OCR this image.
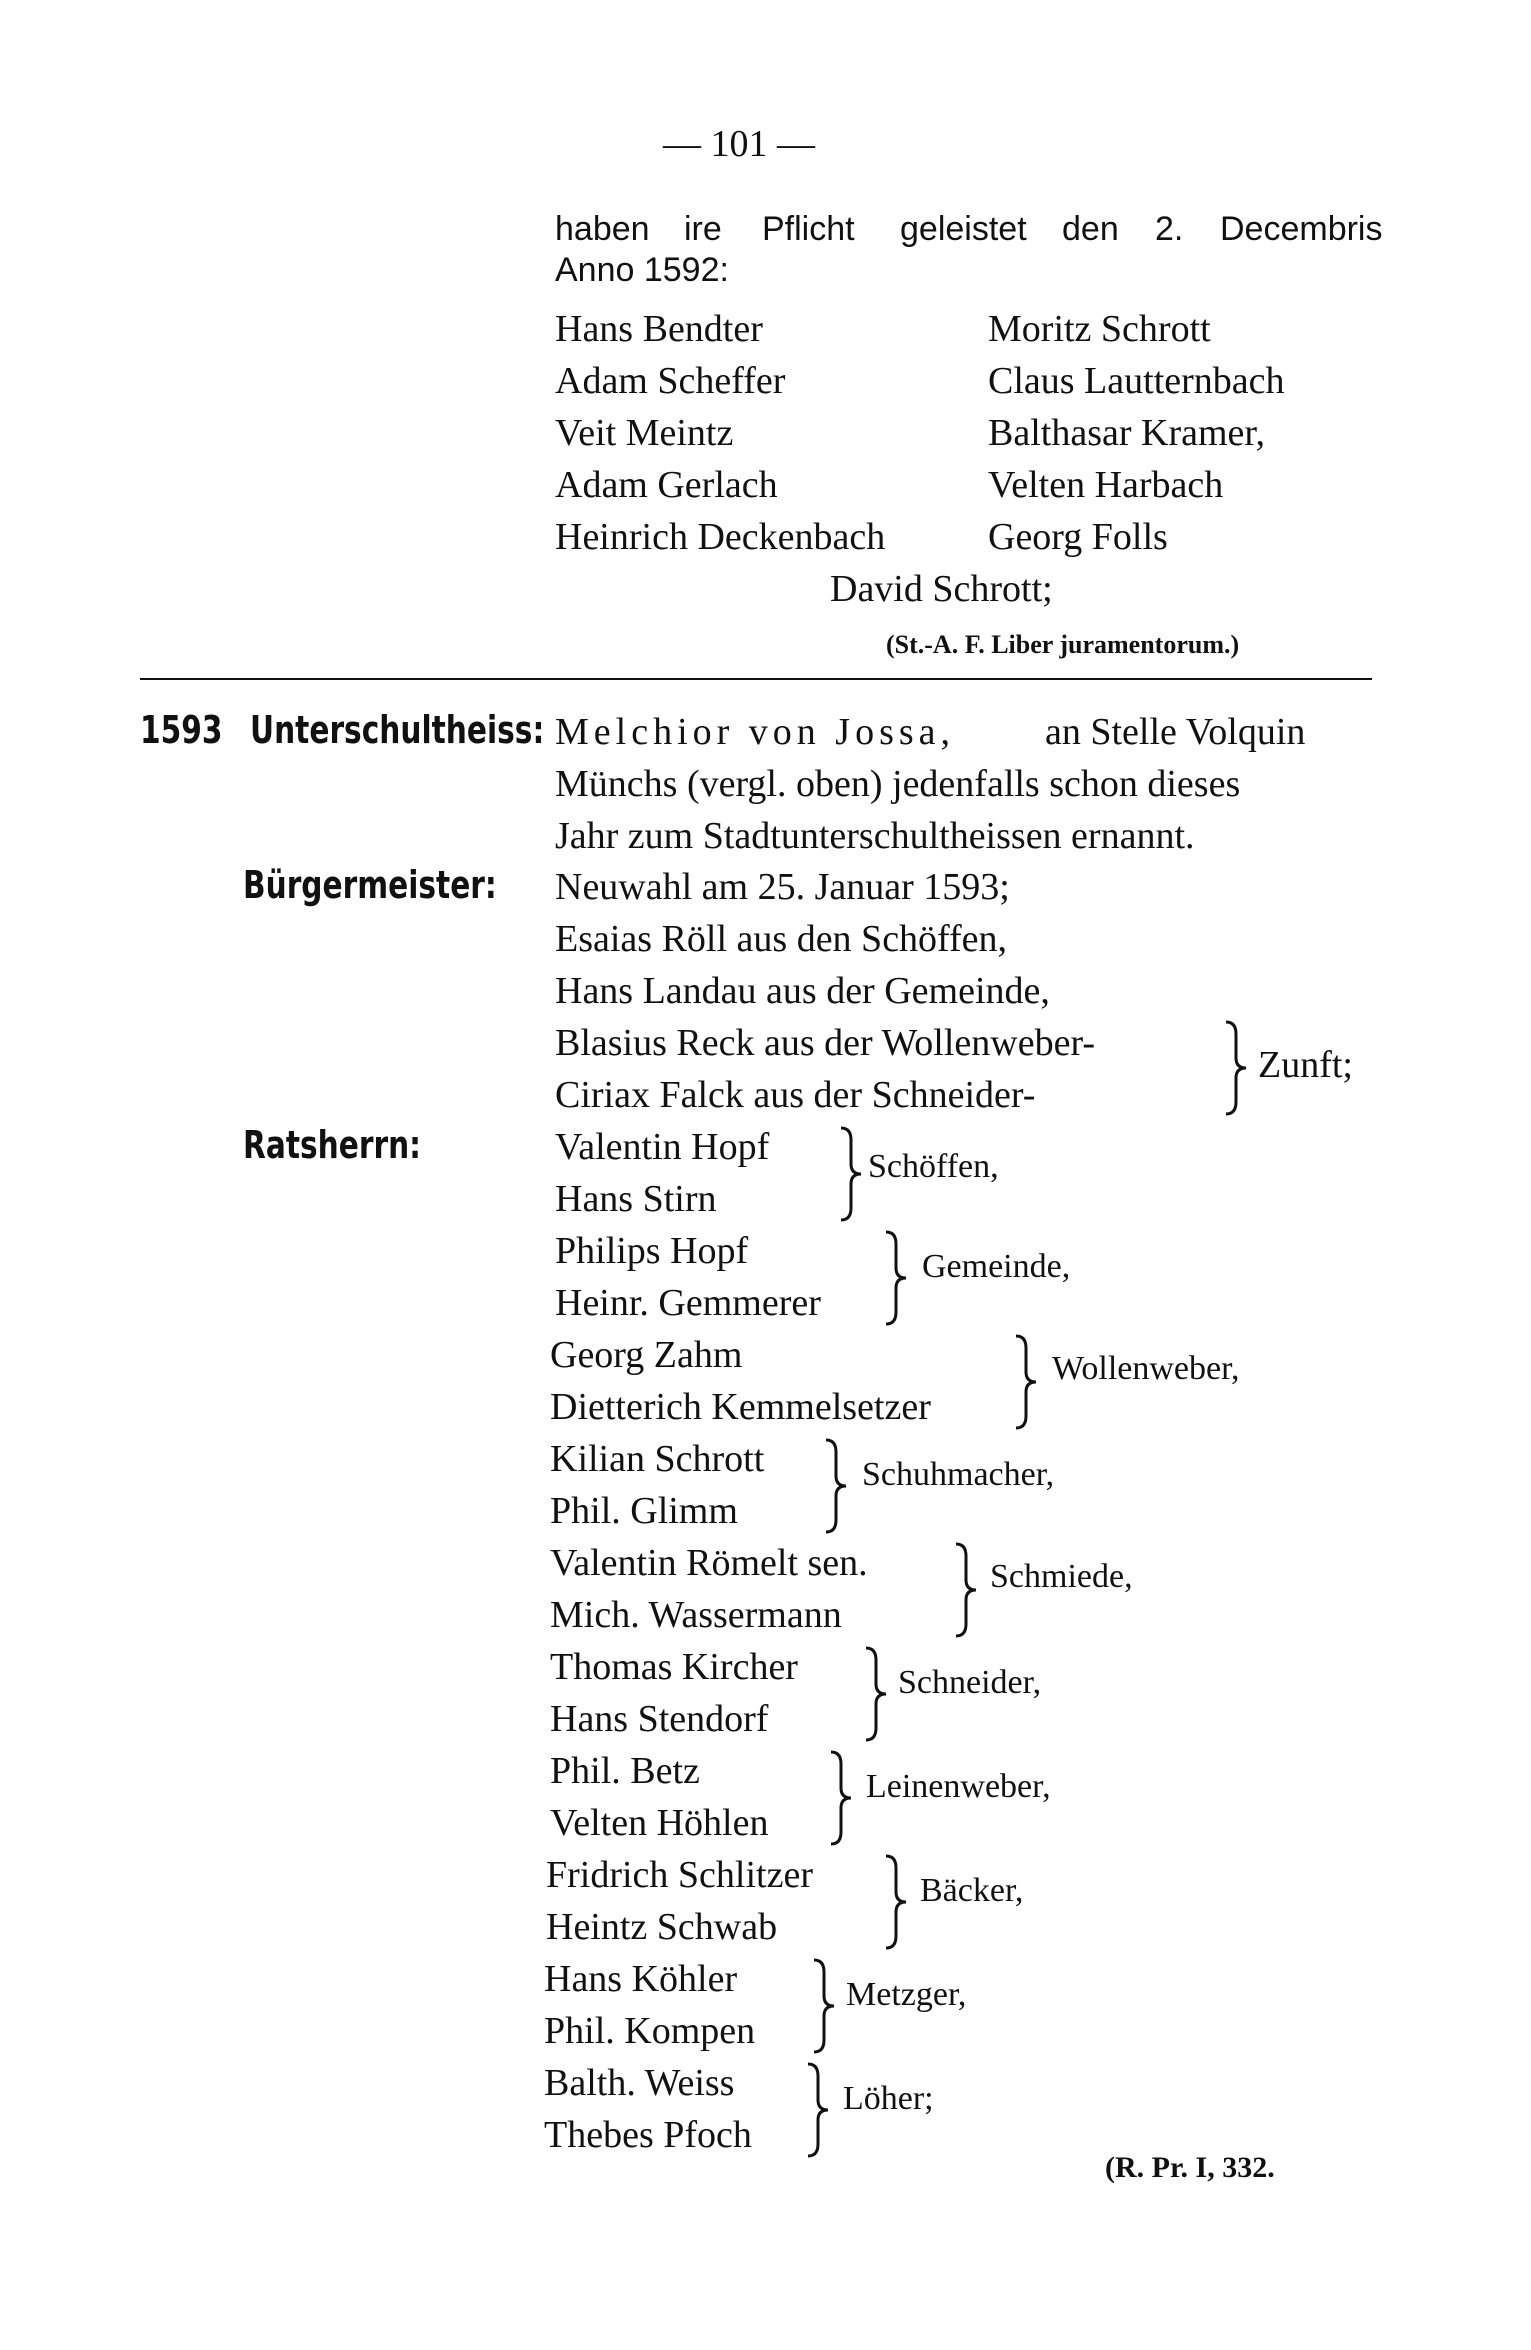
— 101 —
haben ire Pflicht geleistet den 2. Decembris
Anno 1592:
Hans Bendter
Adam Scheffer
Veit Meintz
Adam Gerlach
Heinrich Deckenbach
Moritz Schrott
Claus Lautternbach
Balthasar Kramer,
Velten Harbach
Georg Folls
David Schrott;
(St.-A. F. Liber juramentorum.)
1593 Unterschultheiss: Melchior von Jossa, an Stelle Volquin
Münchs (vergl. oben) jedenfalls schon dieses
Jahr zum Stadtunterschultheissen ernannt.
Bürgermeister: Neuwahl am 25. Januar 1593;
Esaias Röll aus den Schöffen,
Hans Landau aus der Gemeinde,
Blasius Reck aus der Wollenweber-
Ciriax Falck aus der Schneider-
Zunft;
Ratsherrn:	Valentin Hopf
Hans Stirn
Schöffen,
Philips Hopf
Heinr. Gemmerer
Gemeinde,
Georg Zahm
Dietterich Kemmelsetzer
Wollenweber,
Kilian Schrott
Phil. Glimm
Schuhmacher,
Valentin Römelt sen.
Mich. Wassermann
Schmiede,
Thomas Kircher
Hans Stendorf
Schneider,
Phil. Betz
Velten Höhlen
Leinenweber,
Fridrich Schlitzer
Heintz Schwab
Bäcker,
Hans Köhler
Phil. Kompen
Metzger,
Balth. Weiss
Thebes Pfoch
Löher;
(R. Pr. I, 332.
